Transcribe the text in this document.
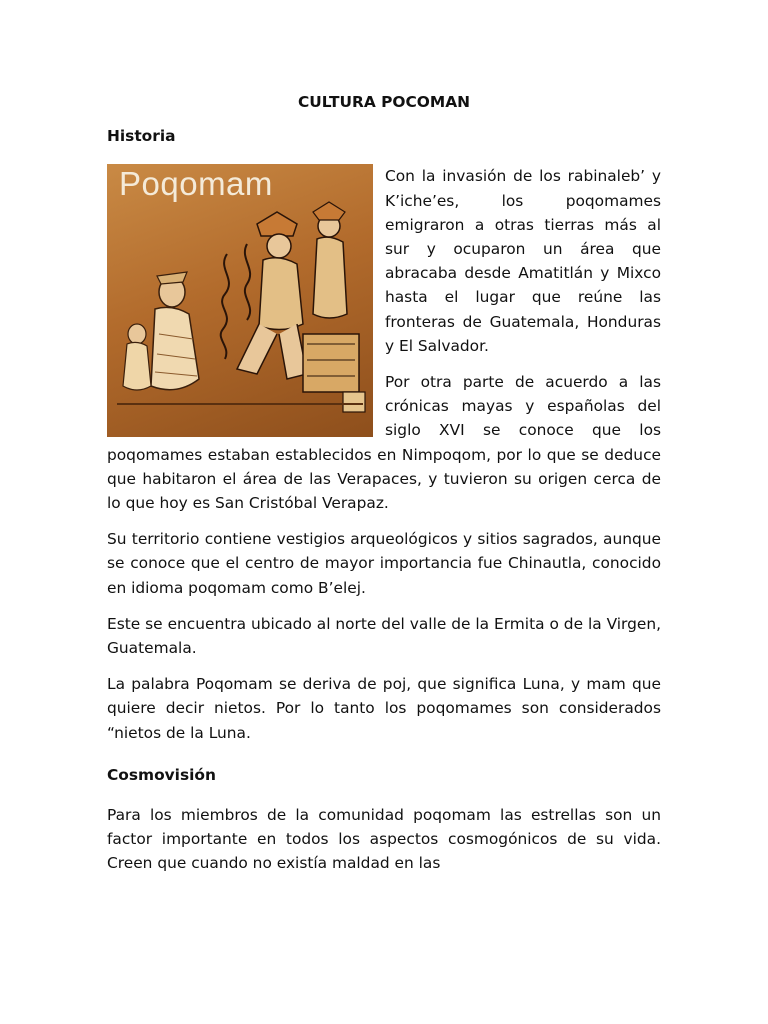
CULTURA POCOMAN
Historia
Poqomam	Con la invasión de los rabinaleb’ y K’iche’es, los poqomames emigraron a otras tierras más al sur y ocuparon un área que abracaba desde Amatitlán y Mixco hasta el lugar que reúne las fronteras de Guatemala, Honduras y El Salvador.

Por otra parte de acuerdo a las crónicas mayas y españolas del siglo XVI se conoce que los poqomames estaban establecidos en Nimpoqom, por lo que se deduce que habitaron el área de las Verapaces, y tuvieron su origen cerca de lo que hoy es San Cristóbal Verapaz.

Su territorio contiene vestigios arqueológicos y sitios sagrados, aunque se conoce que el centro de mayor importancia fue Chinautla, conocido en idioma poqomam como B’elej.

Este se encuentra ubicado al norte del valle de la Ermita o de la Virgen, Guatemala.

La palabra Poqomam se deriva de poj, que significa Luna, y mam que quiere decir nietos. Por lo tanto los poqomames son considerados “nietos de la Luna.

Cosmovisión

Para los miembros de la comunidad poqomam las estrellas son un factor importante en todos los aspectos cosmogónicos de su vida. Creen que cuando no existía maldad en las
